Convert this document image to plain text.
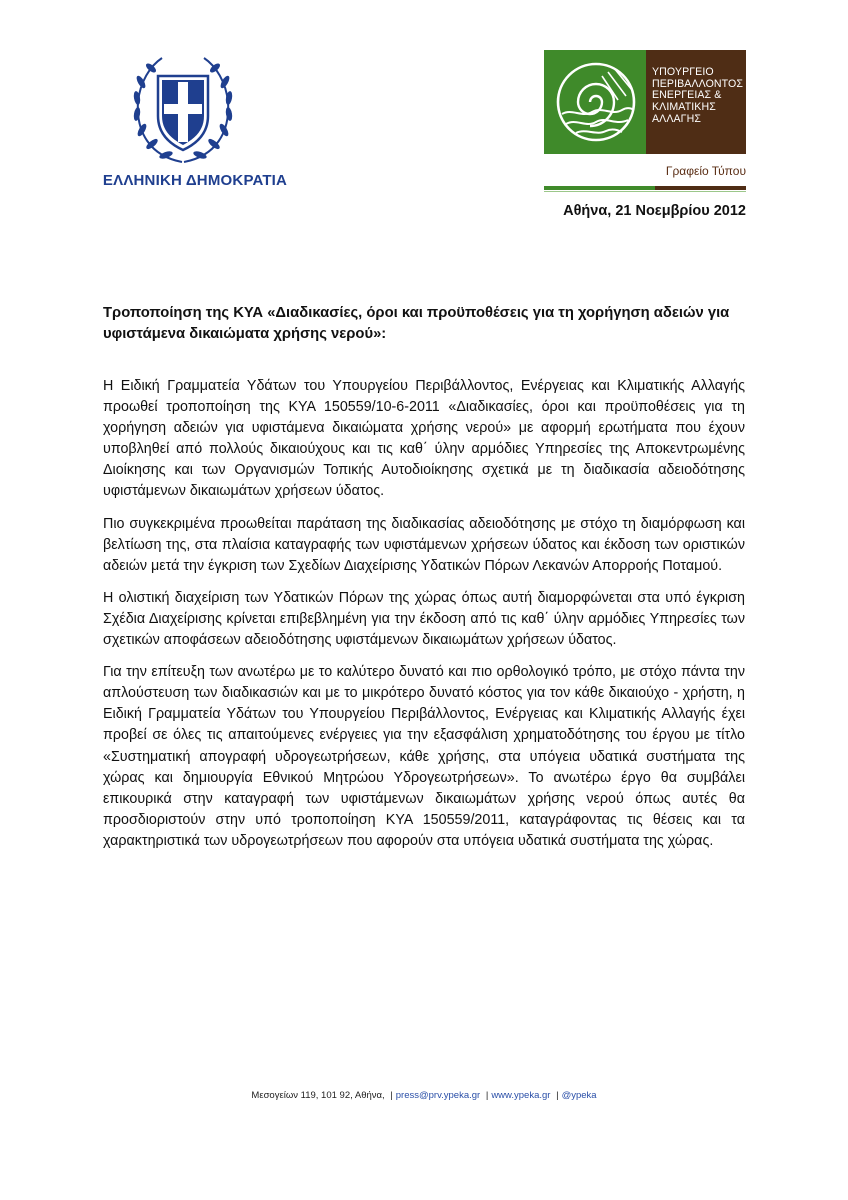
ΕΛΛΗΝΙΚΗ ΔΗΜΟΚΡΑΤΙΑ
ΥΠΟΥΡΓΕΙΟ
ΠΕΡΙΒΑΛΛΟΝΤΟΣ
ΕΝΕΡΓΕΙΑΣ &
ΚΛΙΜΑΤΙΚΗΣ
ΑΛΛΑΓΗΣ
Γραφείο Τύπου
Αθήνα, 21 Νοεμβρίου 2012
Τροποποίηση της ΚΥΑ «Διαδικασίες, όροι και προϋποθέσεις για τη χορήγηση αδειών για υφιστάμενα δικαιώματα χρήσης νερού»:

Η Ειδική Γραμματεία Υδάτων του Υπουργείου Περιβάλλοντος, Ενέργειας και Κλιματικής Αλλαγής προωθεί τροποποίηση της ΚΥΑ 150559/10-6-2011 «Διαδικασίες, όροι και προϋποθέσεις για τη χορήγηση αδειών για υφιστάμενα δικαιώματα χρήσης νερού» με αφορμή ερωτήματα που έχουν υποβληθεί από πολλούς δικαιούχους και τις καθ΄ ύλην αρμόδιες Υπηρεσίες της Αποκεντρωμένης Διοίκησης και των Οργανισμών Τοπικής Αυτοδιοίκησης σχετικά με τη διαδικασία αδειοδότησης υφιστάμενων δικαιωμάτων χρήσεων ύδατος.

Πιο συγκεκριμένα προωθείται παράταση της διαδικασίας αδειοδότησης με στόχο τη διαμόρφωση και βελτίωση της, στα πλαίσια καταγραφής των υφιστάμενων χρήσεων ύδατος και έκδοση των οριστικών αδειών μετά την έγκριση των Σχεδίων Διαχείρισης Υδατικών Πόρων Λεκανών Απορροής Ποταμού.

Η ολιστική διαχείριση των Υδατικών Πόρων της χώρας όπως αυτή διαμορφώνεται στα υπό έγκριση Σχέδια Διαχείρισης κρίνεται επιβεβλημένη για την έκδοση από τις καθ΄ ύλην αρμόδιες Υπηρεσίες των σχετικών αποφάσεων αδειοδότησης υφιστάμενων δικαιωμάτων χρήσεων ύδατος.

Για την επίτευξη των ανωτέρω με το καλύτερο δυνατό και πιο ορθολογικό τρόπο, με στόχο πάντα την απλούστευση των διαδικασιών και με το μικρότερο δυνατό κόστος για τον κάθε δικαιούχο - χρήστη, η Ειδική Γραμματεία Υδάτων του Υπουργείου Περιβάλλοντος, Ενέργειας και Κλιματικής Αλλαγής έχει προβεί σε όλες τις απαιτούμενες ενέργειες για την εξασφάλιση χρηματοδότησης του έργου με τίτλο «Συστηματική απογραφή υδρογεωτρήσεων, κάθε χρήσης, στα υπόγεια υδατικά συστήματα της χώρας και δημιουργία Εθνικού Μητρώου Υδρογεωτρήσεων». Το ανωτέρω έργο θα συμβάλει επικουρικά στην καταγραφή των υφιστάμενων δικαιωμάτων χρήσης νερού όπως αυτές θα προσδιοριστούν στην υπό τροποποίηση ΚΥΑ 150559/2011, καταγράφοντας τις θέσεις και τα χαρακτηριστικά των υδρογεωτρήσεων που αφορούν στα υπόγεια υδατικά συστήματα της χώρας.

Μεσογείων 119, 101 92, Αθήνα, | press@prv.ypeka.gr | www.ypeka.gr | @ypeka
